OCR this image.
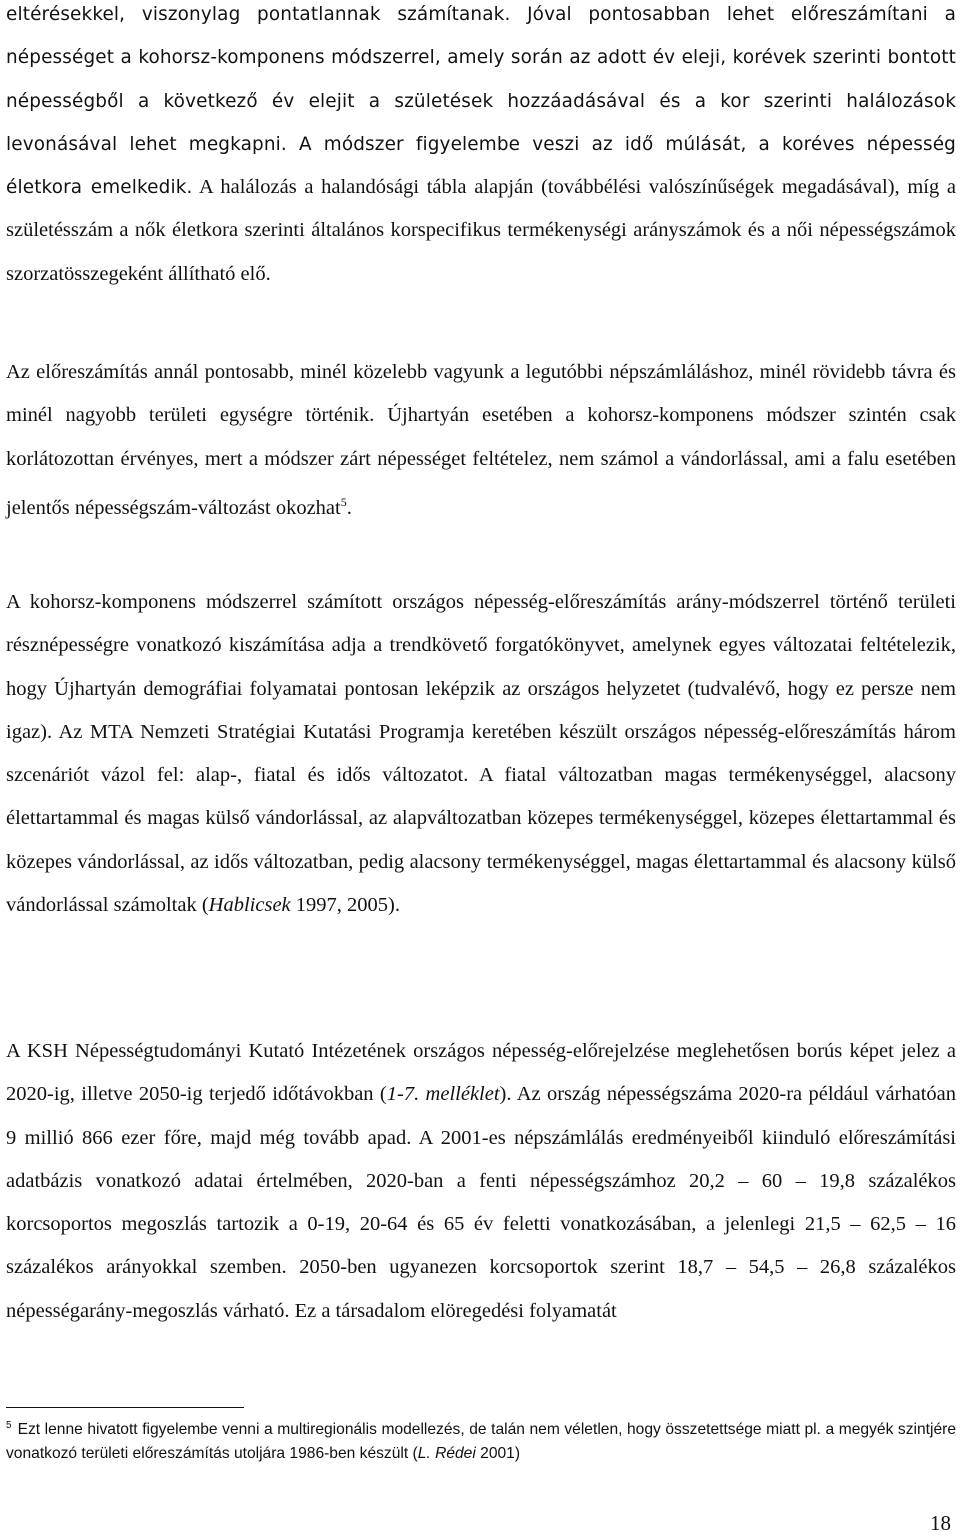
eltérésekkel, viszonylag pontatlannak számítanak. Jóval pontosabban lehet előreszámítani a népességet a kohorsz-komponens módszerrel, amely során az adott év eleji, korévek szerinti bontott népességből a következő év elejit a születések hozzáadásával és a kor szerinti halálozások levonásával lehet megkapni. A módszer figyelembe veszi az idő múlását, a koréves népesség életkora emelkedik. A halálozás a halandósági tábla alapján (továbbélési valószínűségek megadásával), míg a születésszám a nők életkora szerinti általános korspecifikus termékenységi arányszámok és a női népességszámok szorzatösszegeként állítható elő.

Az előreszámítás annál pontosabb, minél közelebb vagyunk a legutóbbi népszámláláshoz, minél rövidebb távra és minél nagyobb területi egységre történik. Újhartyán esetében a kohorsz-komponens módszer szintén csak korlátozottan érvényes, mert a módszer zárt népességet feltételez, nem számol a vándorlással, ami a falu esetében jelentős népességszám-változást okozhat$^5$.

A kohorsz-komponens módszerrel számított országos népesség-előreszámítás arány-módszerrel történő területi résznépességre vonatkozó kiszámítása adja a trendkövető forgatókönyvet, amelynek egyes változatai feltételezik, hogy Újhartyán demográfiai folyamatai pontosan leképzik az országos helyzetet (tudvalévő, hogy ez persze nem igaz). Az MTA Nemzeti Stratégiai Kutatási Programja keretében készült országos népesség-előreszámítás három szcenáriót vázol fel: alap-, fiatal és idős változatot. A fiatal változatban magas termékenységgel, alacsony élettartammal és magas külső vándorlással, az alapváltozatban közepes termékenységgel, közepes élettartammal és közepes vándorlással, az idős változatban, pedig alacsony termékenységgel, magas élettartammal és alacsony külső vándorlással számoltak (Hablicsek 1997, 2005).

A KSH Népességtudományi Kutató Intézetének országos népesség-előrejelzése meglehetősen borús képet jelez a 2020-ig, illetve 2050-ig terjedő időtávokban (1-7. melléklet). Az ország népességszáma 2020-ra például várhatóan 9 millió 866 ezer főre, majd még tovább apad. A 2001-es népszámlálás eredményeiből kiinduló előreszámítási adatbázis vonatkozó adatai értelmében, 2020-ban a fenti népességszámhoz 20,2 – 60 – 19,8 százalékos korcsoportos megoszlás tartozik a 0-19, 20-64 és 65 év feletti vonatkozásában, a jelenlegi 21,5 – 62,5 – 16 százalékos arányokkal szemben. 2050-ben ugyanezen korcsoportok szerint 18,7 – 54,5 – 26,8 százalékos népességarány-megoszlás várható. Ez a társadalom elöregedési folyamatát

$^5$ Ezt lenne hivatott figyelembe venni a multiregionális modellezés, de talán nem véletlen, hogy összetettsége miatt pl. a megyék szintjére vonatkozó területi előreszámítás utoljára 1986-ben készült (L. Rédei 2001)

18
